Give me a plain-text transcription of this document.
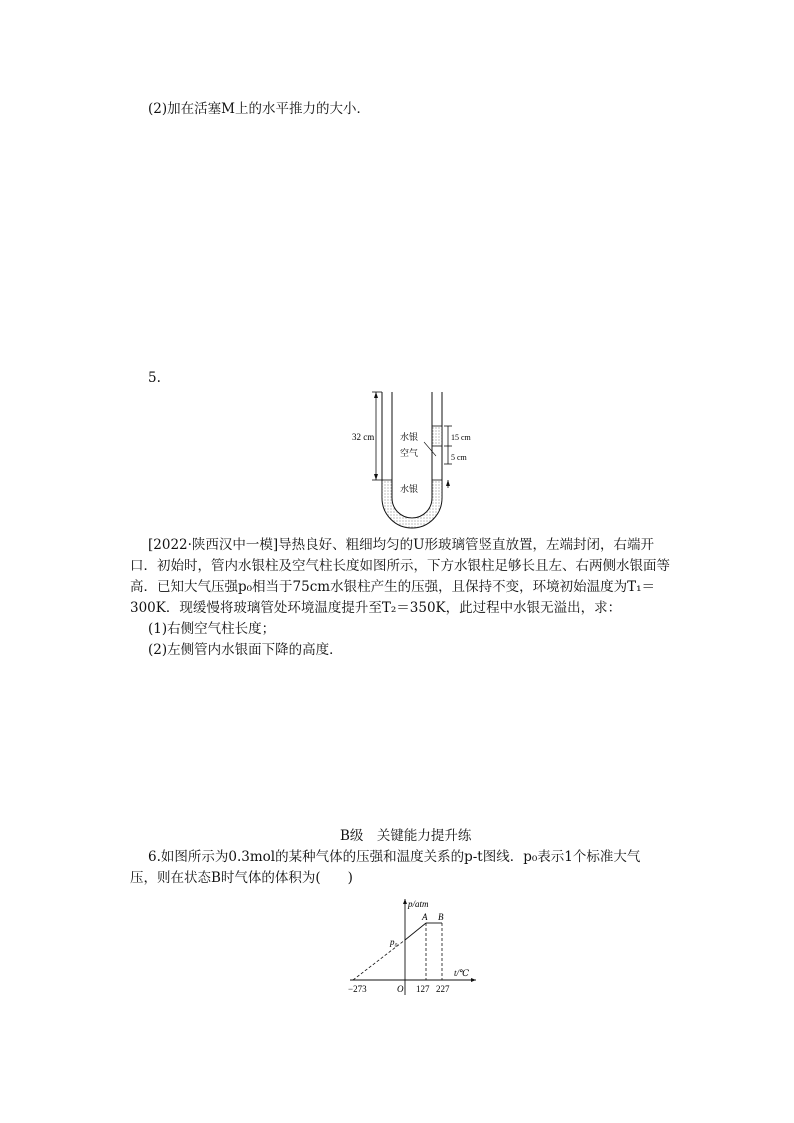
(2)加在活塞M上的水平推力的大小．
5.
32 cm	水银	15 cm
空气	5 cm
水银
[2022·陕西汉中一模]导热良好、粗细均匀的U形玻璃管竖直放置，左端封闭，右端开
口．初始时，管内水银柱及空气柱长度如图所示，下方水银柱足够长且左、右两侧水银面等
高．已知大气压强p₀相当于75cm水银柱产生的压强，且保持不变，环境初始温度为T₁＝
300K．现缓慢将玻璃管处环境温度提升至T₂＝350K，此过程中水银无溢出，求：
(1)右侧空气柱长度；
(2)左侧管内水银面下降的高度．
B级　关键能力提升练
6.如图所示为0.3mol的某种气体的压强和温度关系的p-t图线．p₀表示1个标准大气
压，则在状态B时气体的体积为(　　)
p/atm
A B
p₀
t/℃
O
−273	127 227
